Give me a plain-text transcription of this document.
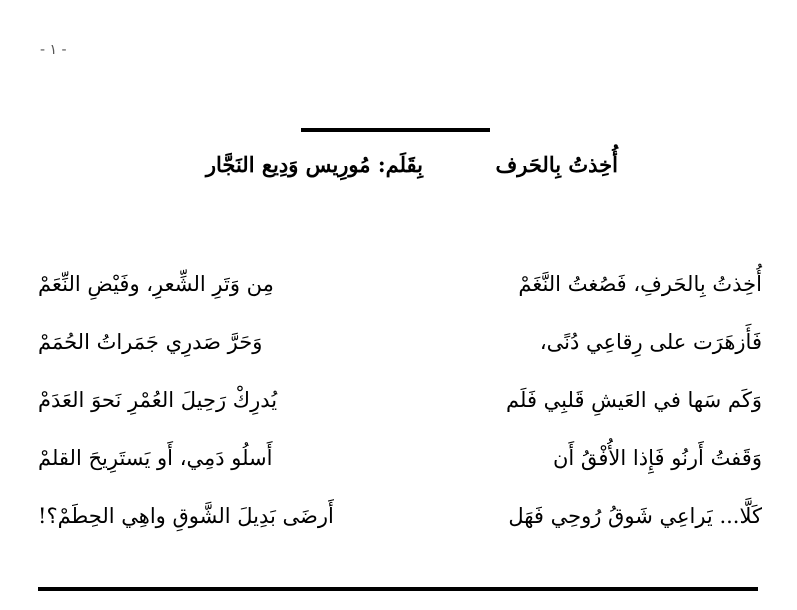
- ١ -
أُخِذتُ بِالحَرف
بِقَلَم: مُورِيس وَدِيع النَجَّار
أُخِذتُ بِالحَرفِ، فَصُغتُ النَّغَمْ
مِن وَتَرِ الشِّعرِ، وفَيْضِ النِّعَمْ
فَأَزهَرَت على رِقاعِي دُنًى،
وَحَرَّ صَدرِي جَمَراتُ الحُمَمْ
وَكَم سَها في العَيشِ قَلبِي فَلَم
يُدرِكْ رَحِيلَ العُمْرِ نَحوَ العَدَمْ
وَقَفتُ أَرنُو فَإِذا الأُفْقُ أَن
أَسلُو دَمِي، أَو يَستَرِيحَ القلمْ
كَلَّا... يَراعِي شَوقُ رُوحِي فَهَل
أَرضَى بَدِيلَ الشَّوقِ واهِي الحِطَمْ؟!
